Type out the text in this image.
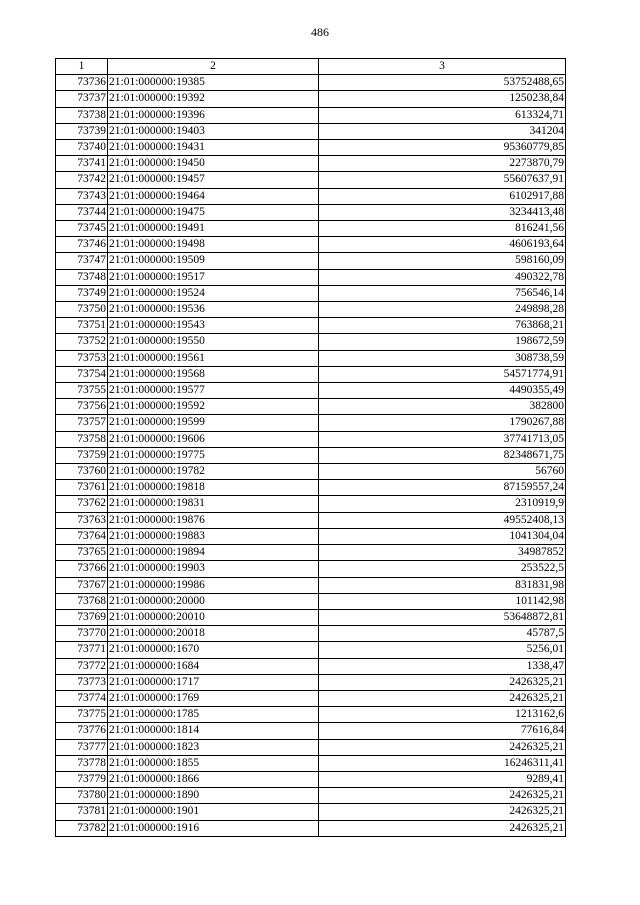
486
1	2	3
73736	21:01:000000:19385	53752488,65
73737	21:01:000000:19392	1250238,84
73738	21:01:000000:19396	613324,71
73739	21:01:000000:19403	341204
73740	21:01:000000:19431	95360779,85
73741	21:01:000000:19450	2273870,79
73742	21:01:000000:19457	55607637,91
73743	21:01:000000:19464	6102917,88
73744	21:01:000000:19475	3234413,48
73745	21:01:000000:19491	816241,56
73746	21:01:000000:19498	4606193,64
73747	21:01:000000:19509	598160,09
73748	21:01:000000:19517	490322,78
73749	21:01:000000:19524	756546,14
73750	21:01:000000:19536	249898,28
73751	21:01:000000:19543	763868,21
73752	21:01:000000:19550	198672,59
73753	21:01:000000:19561	308738,59
73754	21:01:000000:19568	54571774,91
73755	21:01:000000:19577	4490355,49
73756	21:01:000000:19592	382800
73757	21:01:000000:19599	1790267,88
73758	21:01:000000:19606	37741713,05
73759	21:01:000000:19775	82348671,75
73760	21:01:000000:19782	56760
73761	21:01:000000:19818	87159557,24
73762	21:01:000000:19831	2310919,9
73763	21:01:000000:19876	49552408,13
73764	21:01:000000:19883	1041304,04
73765	21:01:000000:19894	34987852
73766	21:01:000000:19903	253522,5
73767	21:01:000000:19986	831831,98
73768	21:01:000000:20000	101142,98
73769	21:01:000000:20010	53648872,81
73770	21:01:000000:20018	45787,5
73771	21:01:000000:1670	5256,01
73772	21:01:000000:1684	1338,47
73773	21:01:000000:1717	2426325,21
73774	21:01:000000:1769	2426325,21
73775	21:01:000000:1785	1213162,6
73776	21:01:000000:1814	77616,84
73777	21:01:000000:1823	2426325,21
73778	21:01:000000:1855	16246311,41
73779	21:01:000000:1866	9289,41
73780	21:01:000000:1890	2426325,21
73781	21:01:000000:1901	2426325,21
73782	21:01:000000:1916	2426325,21
